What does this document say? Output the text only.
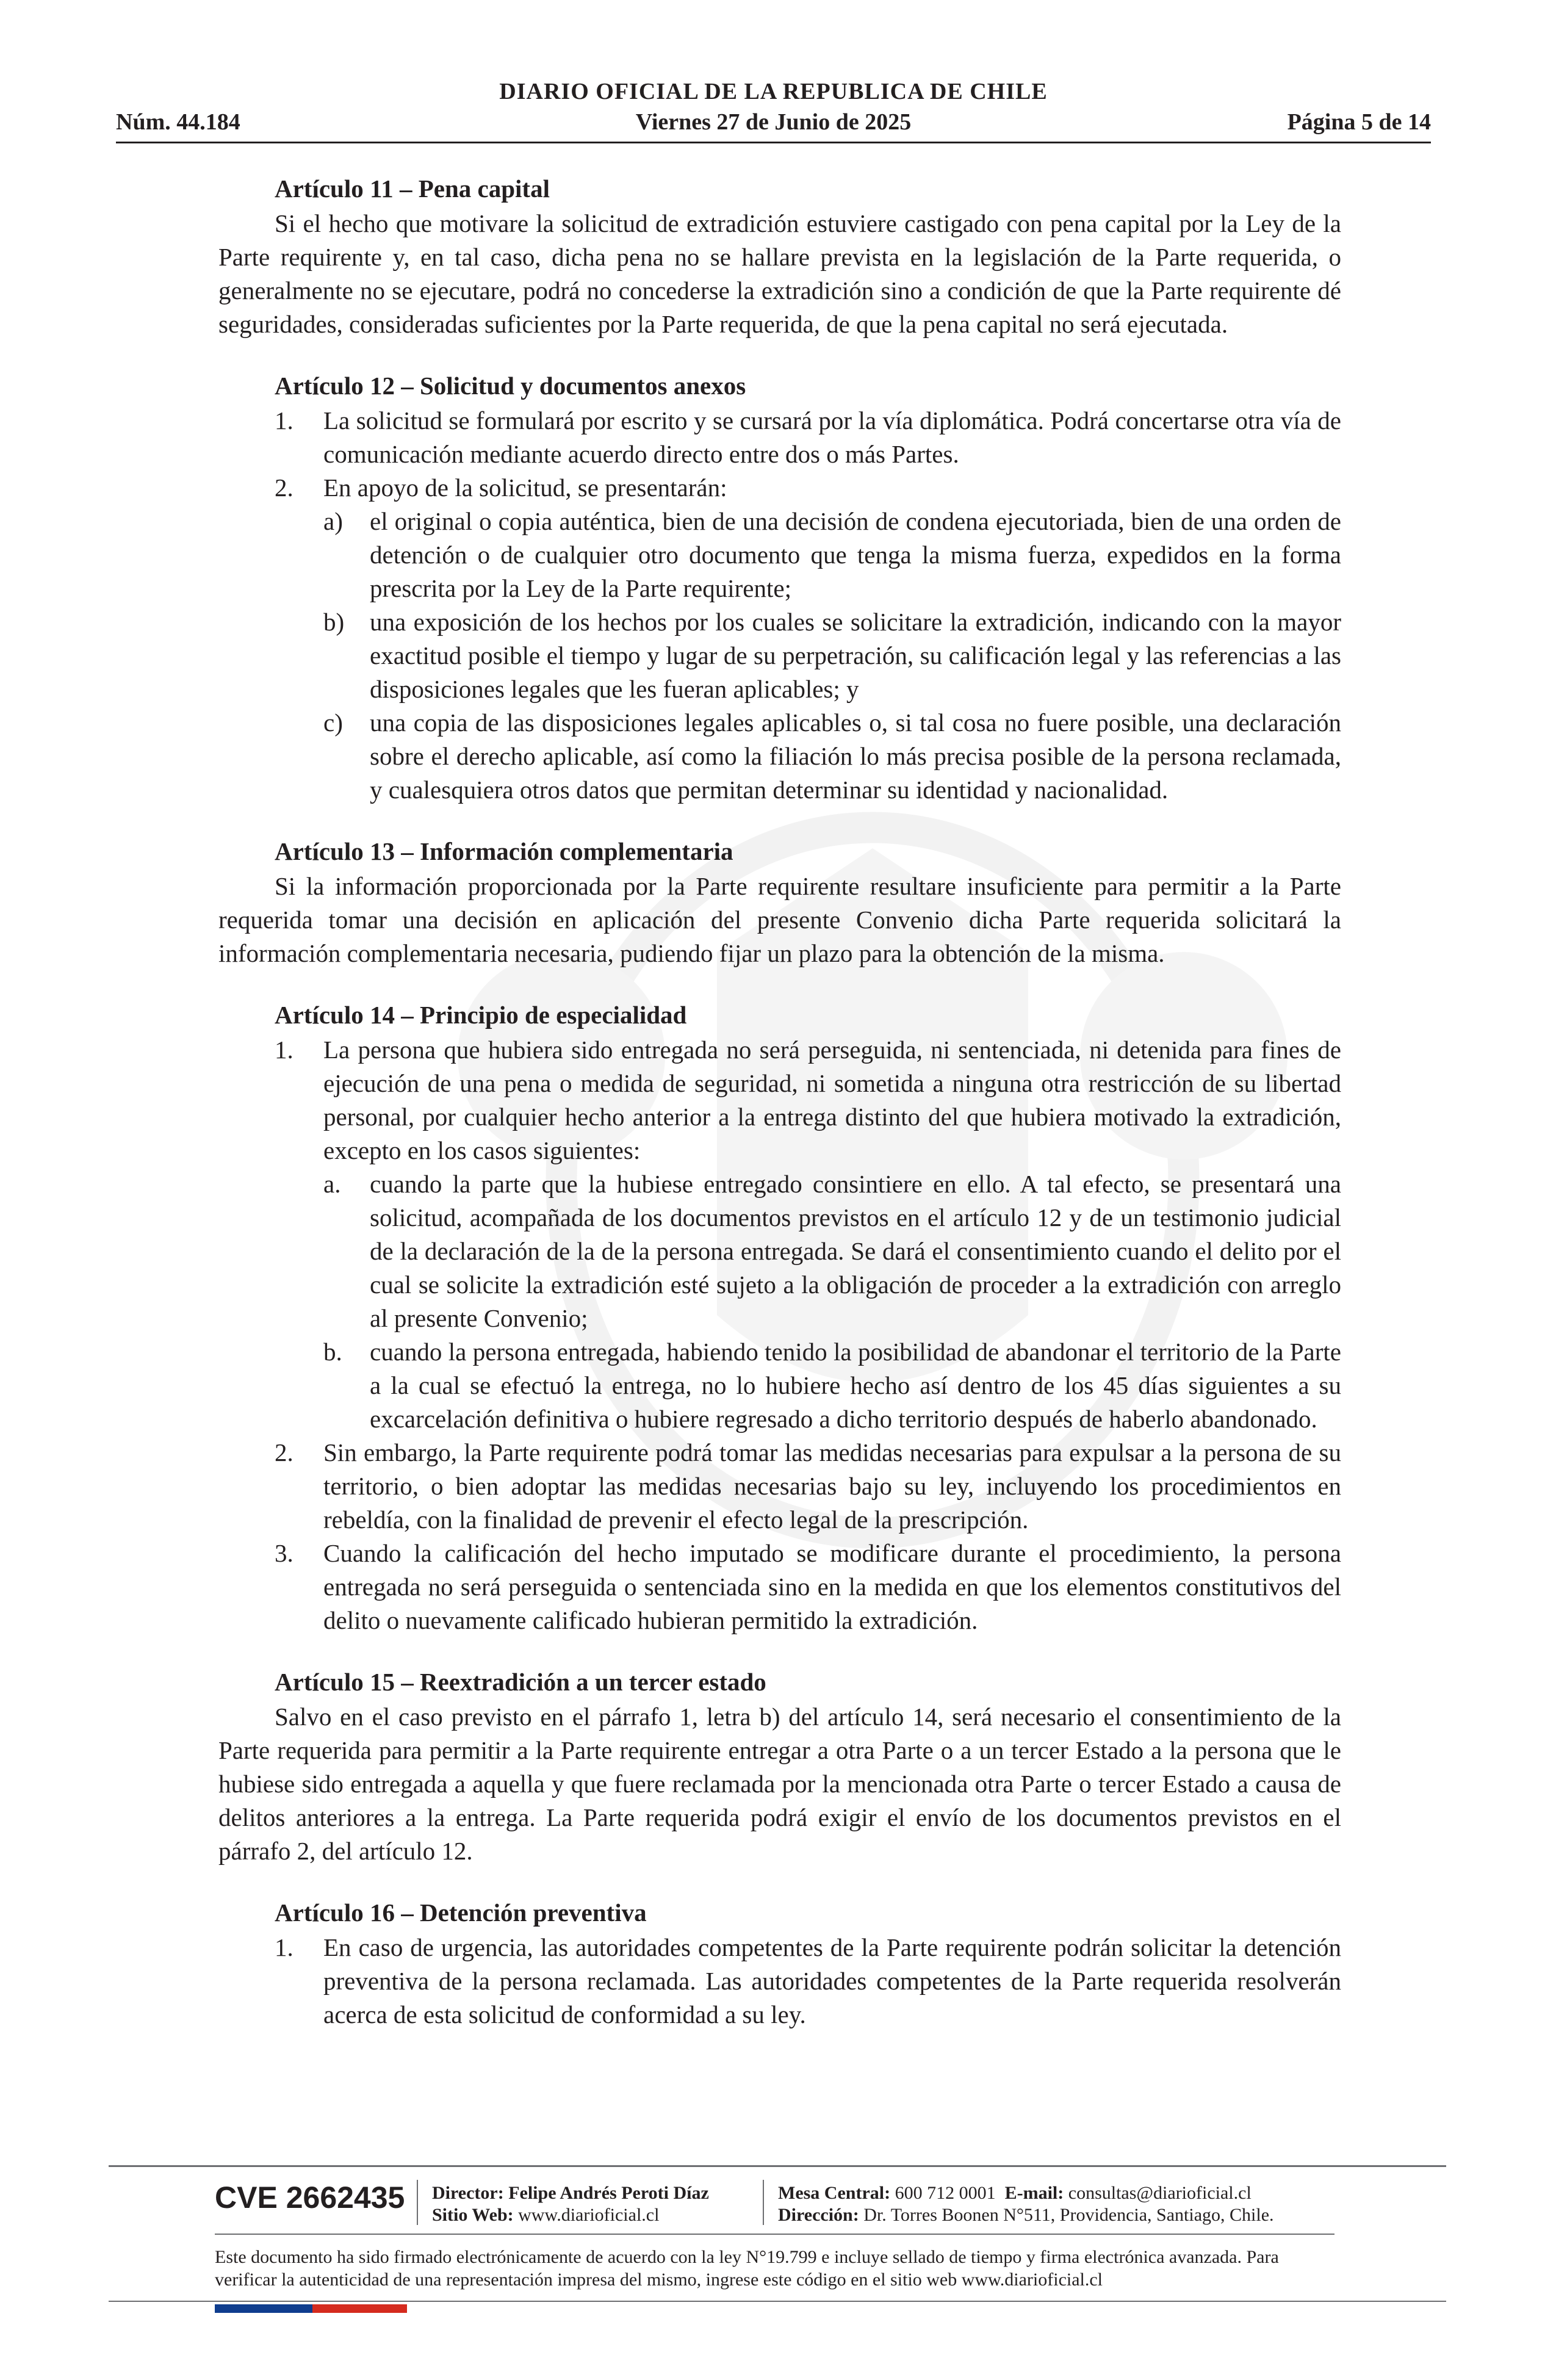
DIARIO OFICIAL DE LA REPUBLICA DE CHILE
Núm. 44.184	Viernes 27 de Junio de 2025	Página 5 de 14
Artículo 11 – Pena capital

Si el hecho que motivare la solicitud de extradición estuviere castigado con pena capital por la Ley de la Parte requirente y, en tal caso, dicha pena no se hallare prevista en la legislación de la Parte requerida, o generalmente no se ejecutare, podrá no concederse la extradición sino a condición de que la Parte requirente dé seguridades, consideradas suficientes por la Parte requerida, de que la pena capital no será ejecutada.

Artículo 12 – Solicitud y documentos anexos
1. La solicitud se formulará por escrito y se cursará por la vía diplomática. Podrá concertarse otra vía de comunicación mediante acuerdo directo entre dos o más Partes.
2. En apoyo de la solicitud, se presentarán:
a) el original o copia auténtica, bien de una decisión de condena ejecutoriada, bien de una orden de detención o de cualquier otro documento que tenga la misma fuerza, expedidos en la forma prescrita por la Ley de la Parte requirente;
b) una exposición de los hechos por los cuales se solicitare la extradición, indicando con la mayor exactitud posible el tiempo y lugar de su perpetración, su calificación legal y las referencias a las disposiciones legales que les fueran aplicables; y
c) una copia de las disposiciones legales aplicables o, si tal cosa no fuere posible, una declaración sobre el derecho aplicable, así como la filiación lo más precisa posible de la persona reclamada, y cualesquiera otros datos que permitan determinar su identidad y nacionalidad.
Artículo 13 – Información complementaria

Si la información proporcionada por la Parte requirente resultare insuficiente para permitir a la Parte requerida tomar una decisión en aplicación del presente Convenio dicha Parte requerida solicitará la información complementaria necesaria, pudiendo fijar un plazo para la obtención de la misma.

Artículo 14 – Principio de especialidad
1. La persona que hubiera sido entregada no será perseguida, ni sentenciada, ni detenida para fines de ejecución de una pena o medida de seguridad, ni sometida a ninguna otra restricción de su libertad personal, por cualquier hecho anterior a la entrega distinto del que hubiera motivado la extradición, excepto en los casos siguientes:
a. cuando la parte que la hubiese entregado consintiere en ello. A tal efecto, se presentará una solicitud, acompañada de los documentos previstos en el artículo 12 y de un testimonio judicial de la declaración de la de la persona entregada. Se dará el consentimiento cuando el delito por el cual se solicite la extradición esté sujeto a la obligación de proceder a la extradición con arreglo al presente Convenio;
b. cuando la persona entregada, habiendo tenido la posibilidad de abandonar el territorio de la Parte a la cual se efectuó la entrega, no lo hubiere hecho así dentro de los 45 días siguientes a su excarcelación definitiva o hubiere regresado a dicho territorio después de haberlo abandonado.
2. Sin embargo, la Parte requirente podrá tomar las medidas necesarias para expulsar a la persona de su territorio, o bien adoptar las medidas necesarias bajo su ley, incluyendo los procedimientos en rebeldía, con la finalidad de prevenir el efecto legal de la prescripción.
3. Cuando la calificación del hecho imputado se modificare durante el procedimiento, la persona entregada no será perseguida o sentenciada sino en la medida en que los elementos constitutivos del delito o nuevamente calificado hubieran permitido la extradición.
Artículo 15 – Reextradición a un tercer estado

Salvo en el caso previsto en el párrafo 1, letra b) del artículo 14, será necesario el consentimiento de la Parte requerida para permitir a la Parte requirente entregar a otra Parte o a un tercer Estado a la persona que le hubiese sido entregada a aquella y que fuere reclamada por la mencionada otra Parte o tercer Estado a causa de delitos anteriores a la entrega. La Parte requerida podrá exigir el envío de los documentos previstos en el párrafo 2, del artículo 12.

Artículo 16 – Detención preventiva
1. En caso de urgencia, las autoridades competentes de la Parte requirente podrán solicitar la detención preventiva de la persona reclamada. Las autoridades competentes de la Parte requerida resolverán acerca de esta solicitud de conformidad a su ley.
CVE 2662435 Director: Felipe Andrés Peroti Díaz
Sitio Web: www.diarioficial.cl
Mesa Central: 600 712 0001 E-mail: consultas@diarioficial.cl
Dirección: Dr. Torres Boonen N°511, Providencia, Santiago, Chile.
Este documento ha sido firmado electrónicamente de acuerdo con la ley N°19.799 e incluye sellado de tiempo y firma electrónica avanzada. Para verificar la autenticidad de una representación impresa del mismo, ingrese este código en el sitio web www.diarioficial.cl
